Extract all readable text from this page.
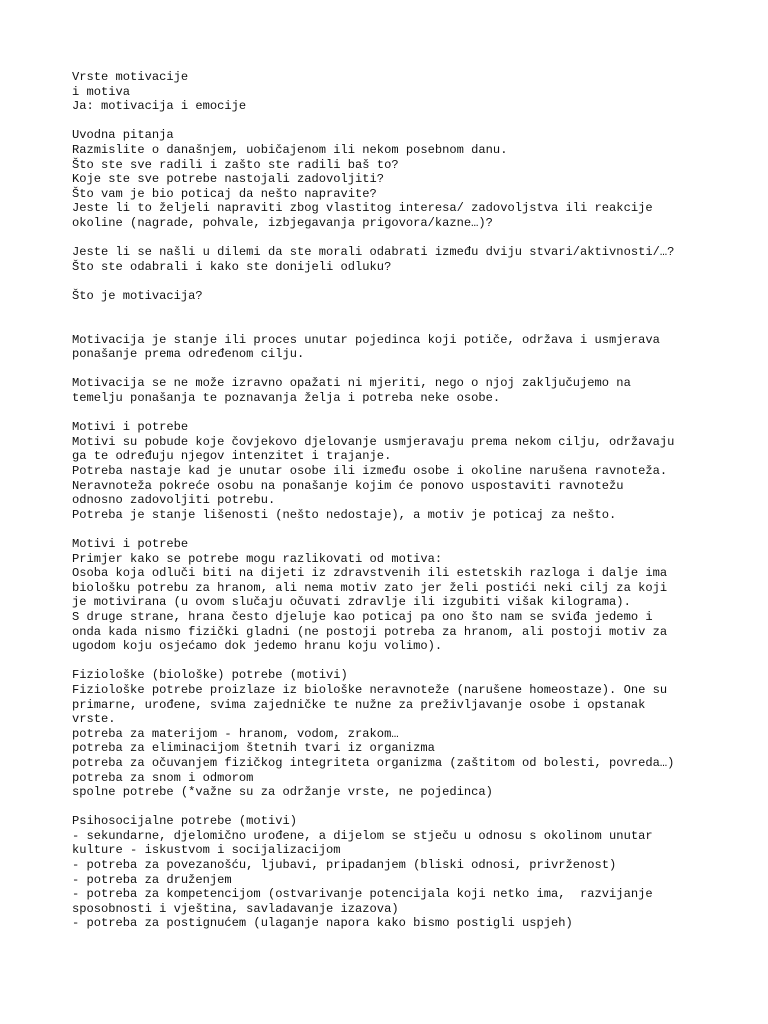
Vrste motivacije
i motiva
Ja: motivacija i emocije
Uvodna pitanja
Razmislite o današnjem, uobičajenom ili nekom posebnom danu.
Što ste sve radili i zašto ste radili baš to?
Koje ste sve potrebe nastojali zadovoljiti?
Što vam je bio poticaj da nešto napravite?
Jeste li to željeli napraviti zbog vlastitog interesa/ zadovoljstva ili reakcije
okoline (nagrade, pohvale, izbjegavanja prigovora/kazne…)?
Jeste li se našli u dilemi da ste morali odabrati između dviju stvari/aktivnosti/…?
Što ste odabrali i kako ste donijeli odluku?
Što je motivacija?
Motivacija je stanje ili proces unutar pojedinca koji potiče, održava i usmjerava
ponašanje prema određenom cilju.
Motivacija se ne može izravno opažati ni mjeriti, nego o njoj zaključujemo na
temelju ponašanja te poznavanja želja i potreba neke osobe.
Motivi i potrebe
Motivi su pobude koje čovjekovo djelovanje usmjeravaju prema nekom cilju, održavaju
ga te određuju njegov intenzitet i trajanje.
Potreba nastaje kad je unutar osobe ili između osobe i okoline narušena ravnoteža.
Neravnoteža pokreće osobu na ponašanje kojim će ponovo uspostaviti ravnotežu
odnosno zadovoljiti potrebu.
Potreba je stanje lišenosti (nešto nedostaje), a motiv je poticaj za nešto.
Motivi i potrebe
Primjer kako se potrebe mogu razlikovati od motiva:
Osoba koja odluči biti na dijeti iz zdravstvenih ili estetskih razloga i dalje ima
biološku potrebu za hranom, ali nema motiv zato jer želi postići neki cilj za koji
je motivirana (u ovom slučaju očuvati zdravlje ili izgubiti višak kilograma).
S druge strane, hrana često djeluje kao poticaj pa ono što nam se sviđa jedemo i
onda kada nismo fizički gladni (ne postoji potreba za hranom, ali postoji motiv za
ugodom koju osjećamo dok jedemo hranu koju volimo).
Fiziološke (biološke) potrebe (motivi)
Fiziološke potrebe proizlaze iz biološke neravnoteže (narušene homeostaze). One su
primarne, urođene, svima zajedničke te nužne za preživljavanje osobe i opstanak
vrste.
potreba za materijom - hranom, vodom, zrakom…
potreba za eliminacijom štetnih tvari iz organizma
potreba za očuvanjem fizičkog integriteta organizma (zaštitom od bolesti, povreda…)
potreba za snom i odmorom
spolne potrebe (*važne su za održanje vrste, ne pojedinca)
Psihosocijalne potrebe (motivi)
- sekundarne, djelomično urođene, a dijelom se stječu u odnosu s okolinom unutar
kulture - iskustvom i socijalizacijom
- potreba za povezanošću, ljubavi, pripadanjem (bliski odnosi, privrženost)
- potreba za druženjem
- potreba za kompetencijom (ostvarivanje potencijala koji netko ima,  razvijanje
sposobnosti i vještina, savladavanje izazova)
- potreba za postignućem (ulaganje napora kako bismo postigli uspjeh)
